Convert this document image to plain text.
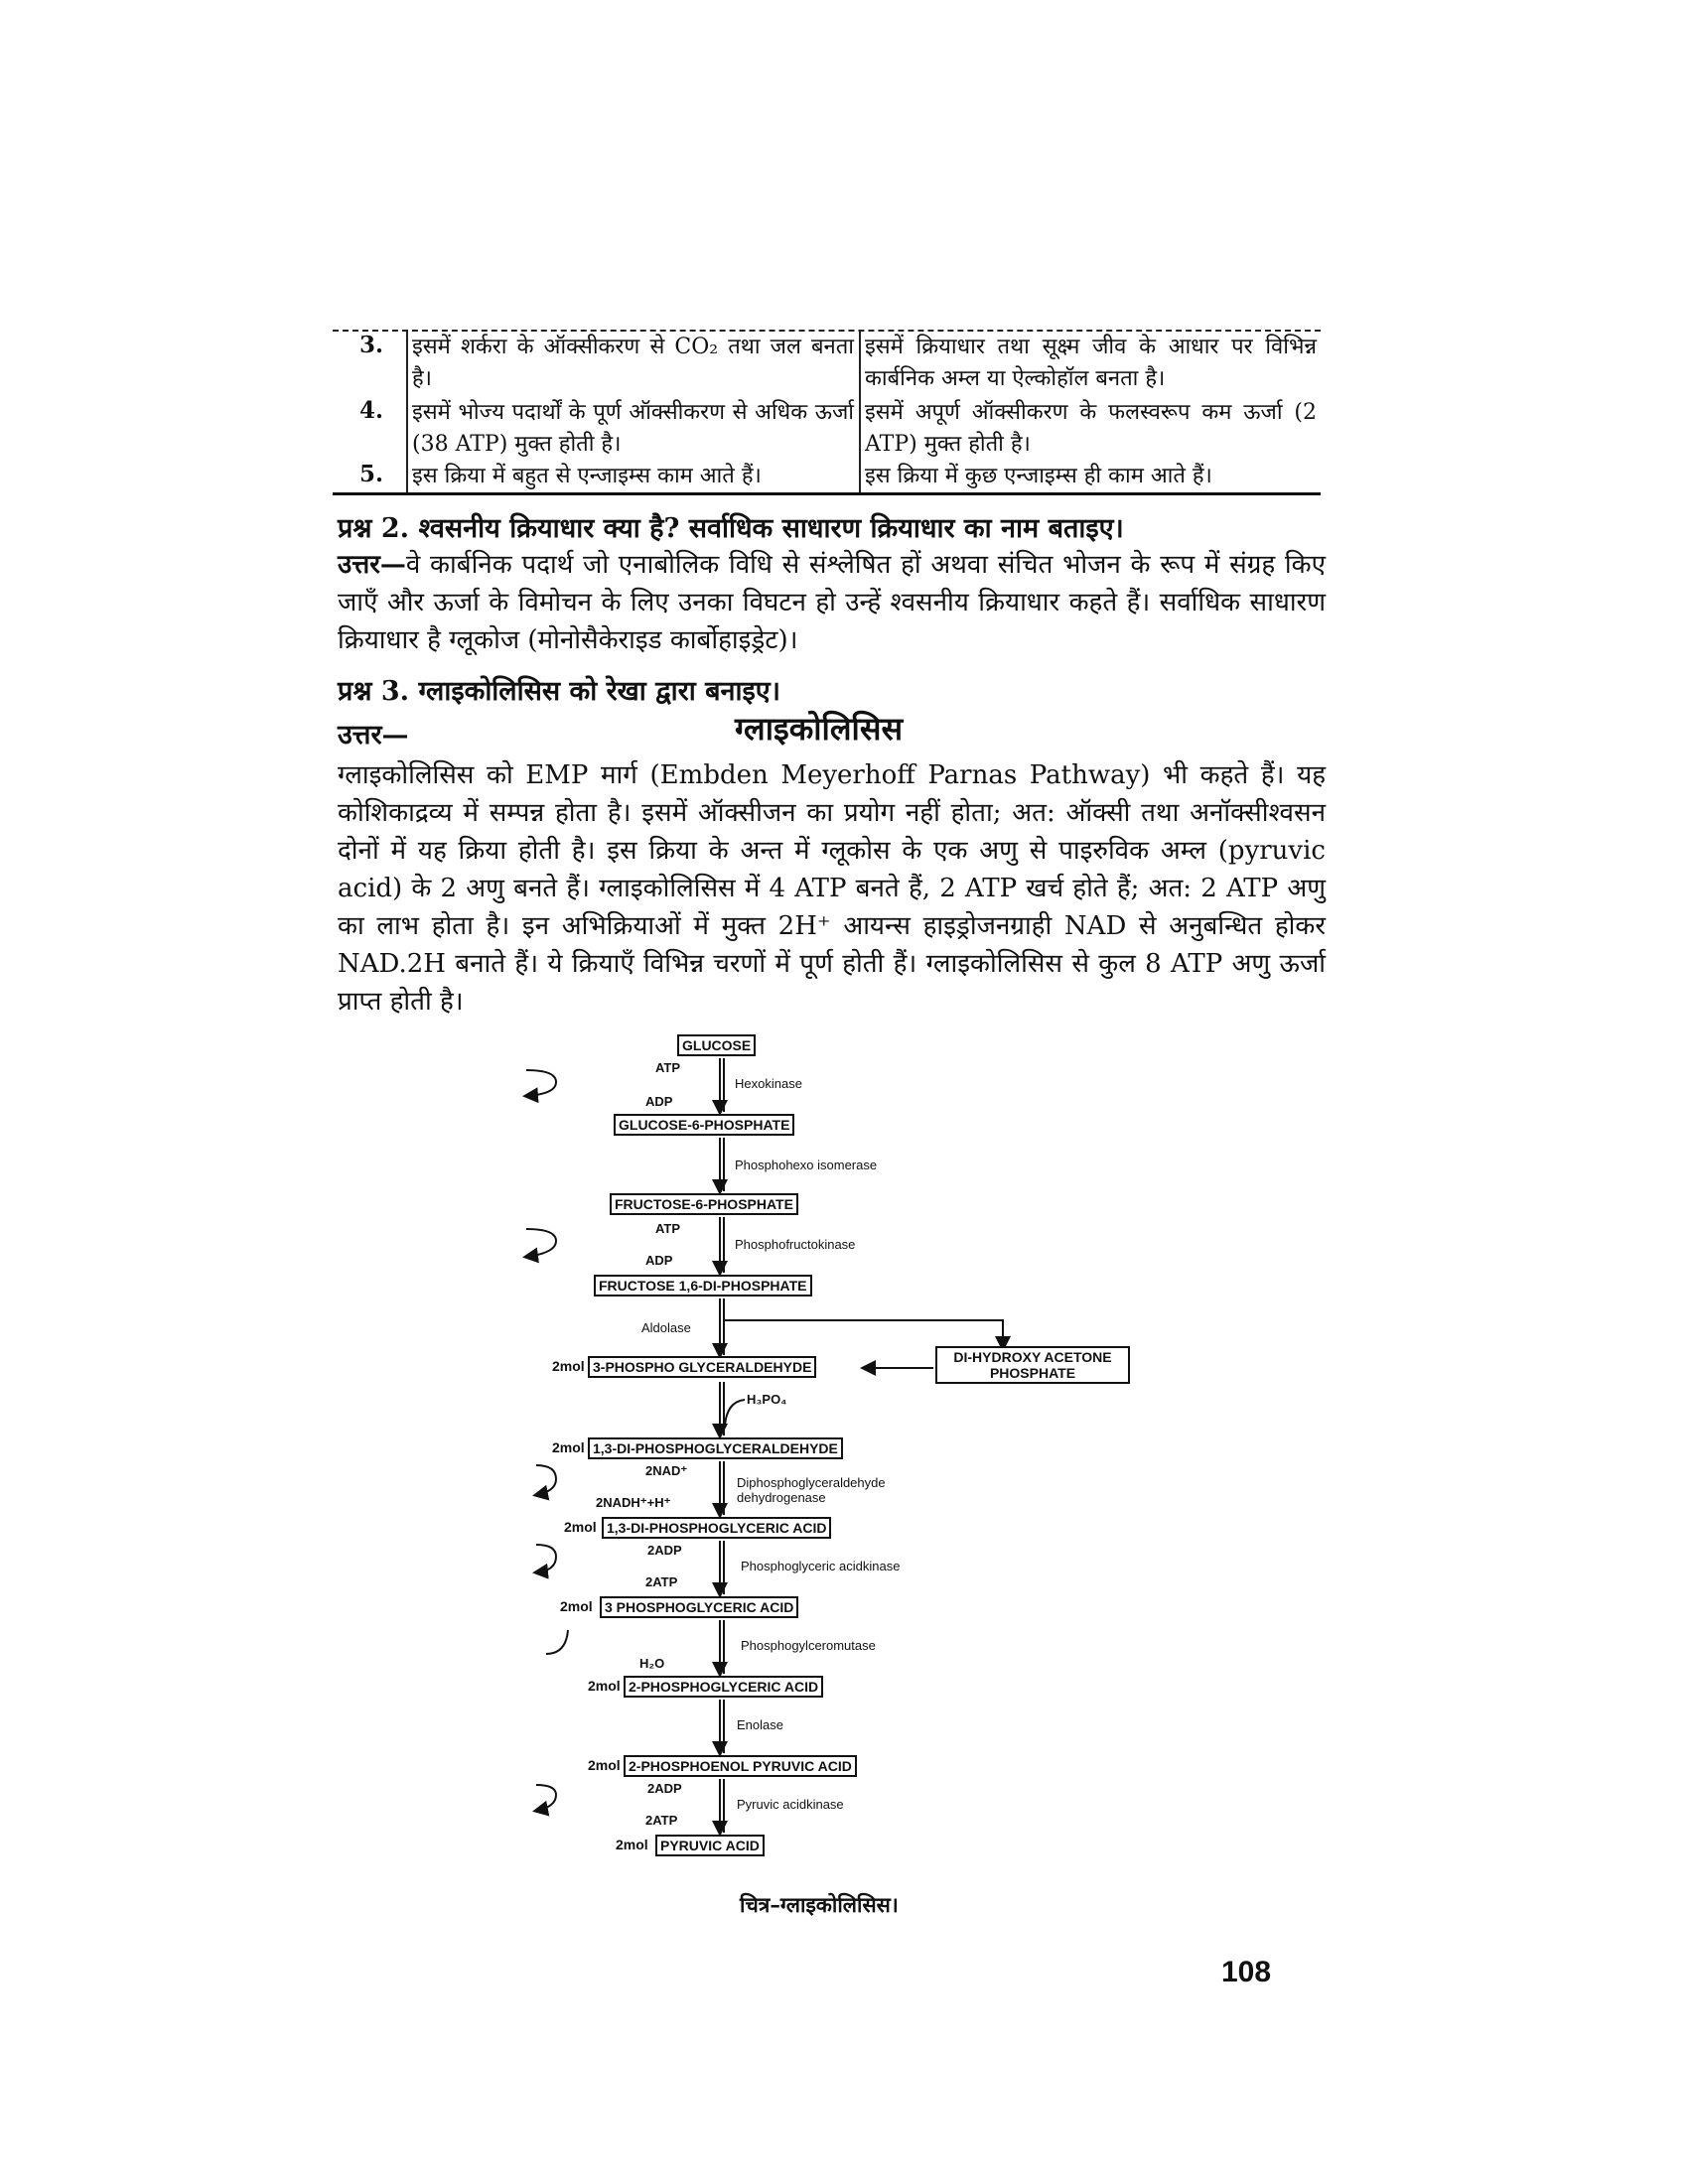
3. इसमें शर्करा के ऑक्सीकरण से CO₂ तथा जल बनता है।
इसमें क्रियाधार तथा सूक्ष्म जीव के आधार पर विभिन्न कार्बनिक अम्ल या ऐल्कोहॉल बनता है।
4. इसमें भोज्य पदार्थों के पूर्ण ऑक्सीकरण से अधिक ऊर्जा (38 ATP) मुक्त होती है।
इसमें अपूर्ण ऑक्सीकरण के फलस्वरूप कम ऊर्जा (2 ATP) मुक्त होती है।
5. इस क्रिया में बहुत से एन्जाइम्स काम आते हैं।	इस क्रिया में कुछ एन्जाइम्स ही काम आते हैं।
प्रश्न 2. श्वसनीय क्रियाधार क्या है? सर्वाधिक साधारण क्रियाधार का नाम बताइए।
उत्तर—वे कार्बनिक पदार्थ जो एनाबोलिक विधि से संश्लेषित हों अथवा संचित भोजन के रूप में संग्रह किए जाएँ और ऊर्जा के विमोचन के लिए उनका विघटन हो उन्हें श्वसनीय क्रियाधार कहते हैं। सर्वाधिक साधारण क्रियाधार है ग्लूकोज (मोनोसैकेराइड कार्बोहाइड्रेट)।
प्रश्न 3. ग्लाइकोलिसिस को रेखा द्वारा बनाइए।
उत्तर—	ग्लाइकोलिसिस
ग्लाइकोलिसिस को EMP मार्ग (Embden Meyerhoff Parnas Pathway) भी कहते हैं। यह कोशिकाद्रव्य में सम्पन्न होता है। इसमें ऑक्सीजन का प्रयोग नहीं होता; अत: ऑक्सी तथा अनॉक्सीश्वसन दोनों में यह क्रिया होती है। इस क्रिया के अन्त में ग्लूकोस के एक अणु से पाइरुविक अम्ल (pyruvic acid) के 2 अणु बनते हैं। ग्लाइकोलिसिस में 4 ATP बनते हैं, 2 ATP खर्च होते हैं; अत: 2 ATP अणु का लाभ होता है। इन अभिक्रियाओं में मुक्त 2H⁺ आयन्स हाइड्रोजनग्राही NAD से अनुबन्धित होकर NAD.2H बनाते हैं। ये क्रियाएँ विभिन्न चरणों में पूर्ण होती हैं। ग्लाइकोलिसिस से कुल 8 ATP अणु ऊर्जा प्राप्त होती है।
GLUCOSE
ATP
ADP
Hexokinase
GLUCOSE-6-PHOSPHATE
Phosphohexo isomerase
FRUCTOSE-6-PHOSPHATE
ATP
ADP
Phosphofructokinase
FRUCTOSE 1,6-DI-PHOSPHATE
Aldolase
2mol 3-PHOSPHO GLYCERALDEHYDE
DI-HYDROXY ACETONE PHOSPHATE
H₃PO₄
2mol 1,3-DI-PHOSPHOGLYCERALDEHYDE
2NAD⁺
2NADH⁺+H⁺
Diphosphoglyceraldehyde dehydrogenase
2mol 1,3-DI-PHOSPHOGLYCERIC ACID
2ADP
2ATP
Phosphoglyceric acidkinase
2mol 3 PHOSPHOGLYCERIC ACID
H₂O
Phosphogylceromutase
2mol 2-PHOSPHOGLYCERIC ACID
Enolase
2mol 2-PHOSPHOENOL PYRUVIC ACID
2ADP
2ATP
Pyruvic acidkinase
2mol PYRUVIC ACID
चित्र–ग्लाइकोलिसिस।
108
